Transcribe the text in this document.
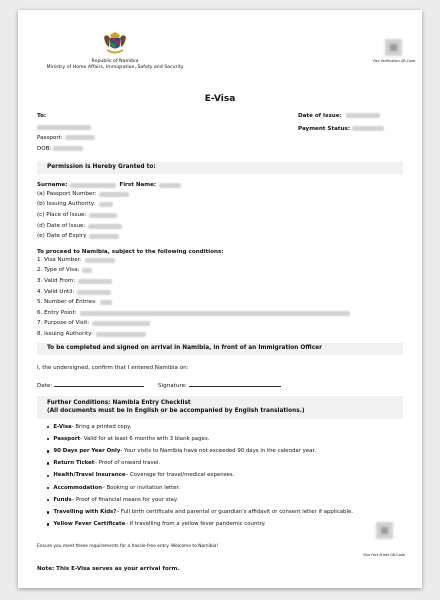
Republic of Namibia
Ministry of Home Affairs, Immigration, Safety and Security
Visa Verification QR-Code
E-Visa
To:
Passport:
DOB:
Date of Issue:
Payment Status:
Permission is Hereby Granted to:
Surname:	First Name:
(a) Passport Number:
(b) Issuing Authority:
(c) Place of Issue:
(d) Date of Issue:
(e) Date of Expiry
To proceed to Namibia, subject to the following conditions:
1. Visa Number:
2. Type of Visa:
3. Valid From:
4. Valid Until:
5. Number of Entries:
6. Entry Point:
7. Purpose of Visit:
8. Issuing Authority:
To be completed and signed on arrival in Namibia, in front of an Immigration Officer
I, the undersigned, confirm that I entered Namibia on:
Date:	Signature:
Further Conditions: Namibia Entry Checklist
(All documents must be in English or be accompanied by English translations.)
E-Visa - Bring a printed copy.
Passport - Valid for at least 6 months with 3 blank pages.
90 Days per Year Only - Your visits to Namibia have not exceeded 90 days in the calendar year.
Return Ticket – Proof of onward travel.
Health/Travel Insurance – Coverage for travel/medical expenses.
Accommodation – Booking or invitation letter.
Funds – Proof of financial means for your stay.
Travelling with Kids? – Full birth certificate and parental or guardian's affidavit or consent letter if applicable.
Yellow Fever Certificate – If travelling from a yellow fever pandemic country.
Ensure you meet these requirements for a hassle-free entry. Welcome to Namibia!
Visa Fact Sheet QR-Code
Note: This E-Visa serves as your arrival form.
